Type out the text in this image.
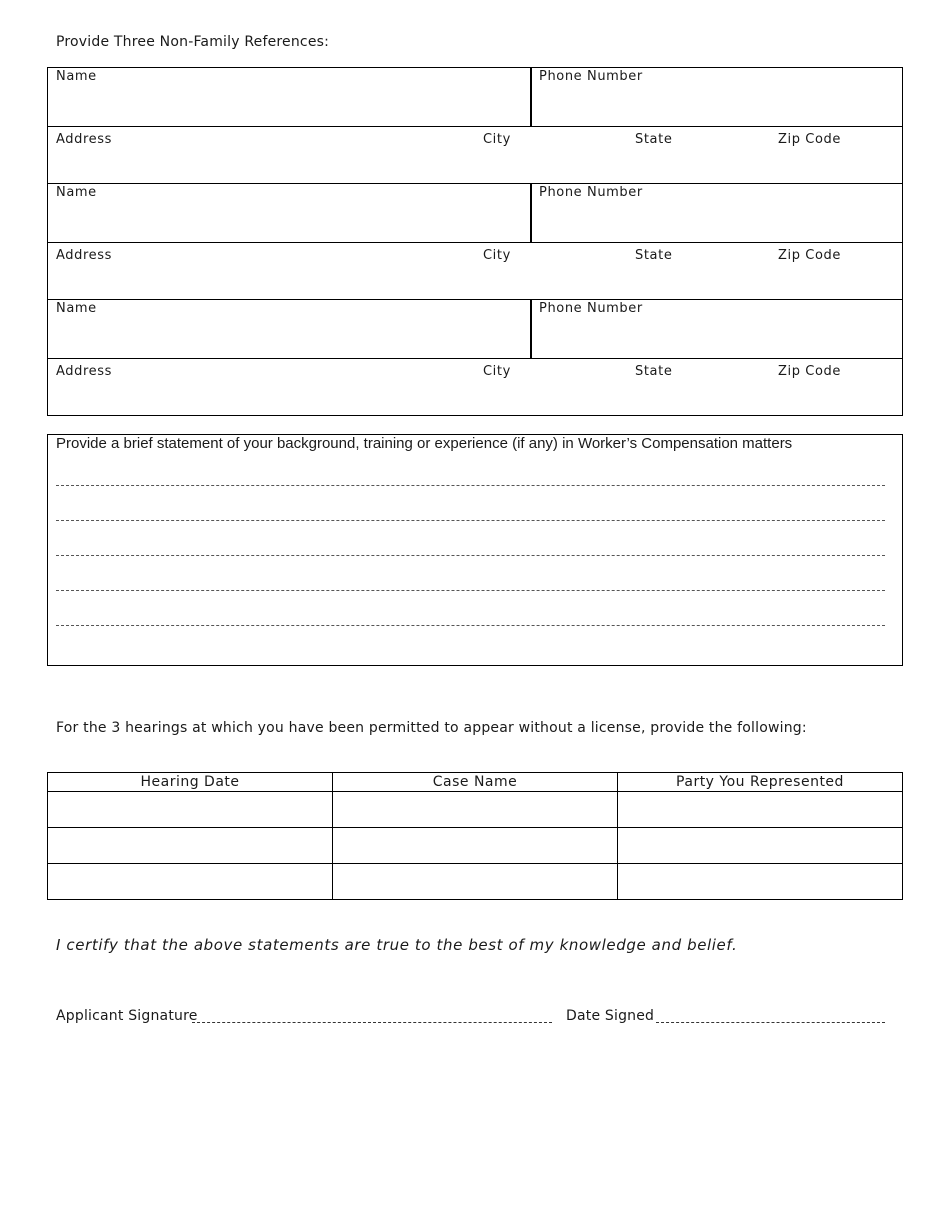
Provide Three Non-Family References:
Name	Phone Number
Address	City	State	Zip Code
Name	Phone Number
Address	City	State	Zip Code
Name	Phone Number
Address	City	State	Zip Code
Provide a brief statement of your background, training or experience (if any) in Worker’s Compensation matters
For the 3 hearings at which you have been permitted to appear without a license, provide the following:
Hearing Date	Case Name	Party You Represented

I certify that the above statements are true to the best of my knowledge and belief.
Applicant Signature	Date Signed
